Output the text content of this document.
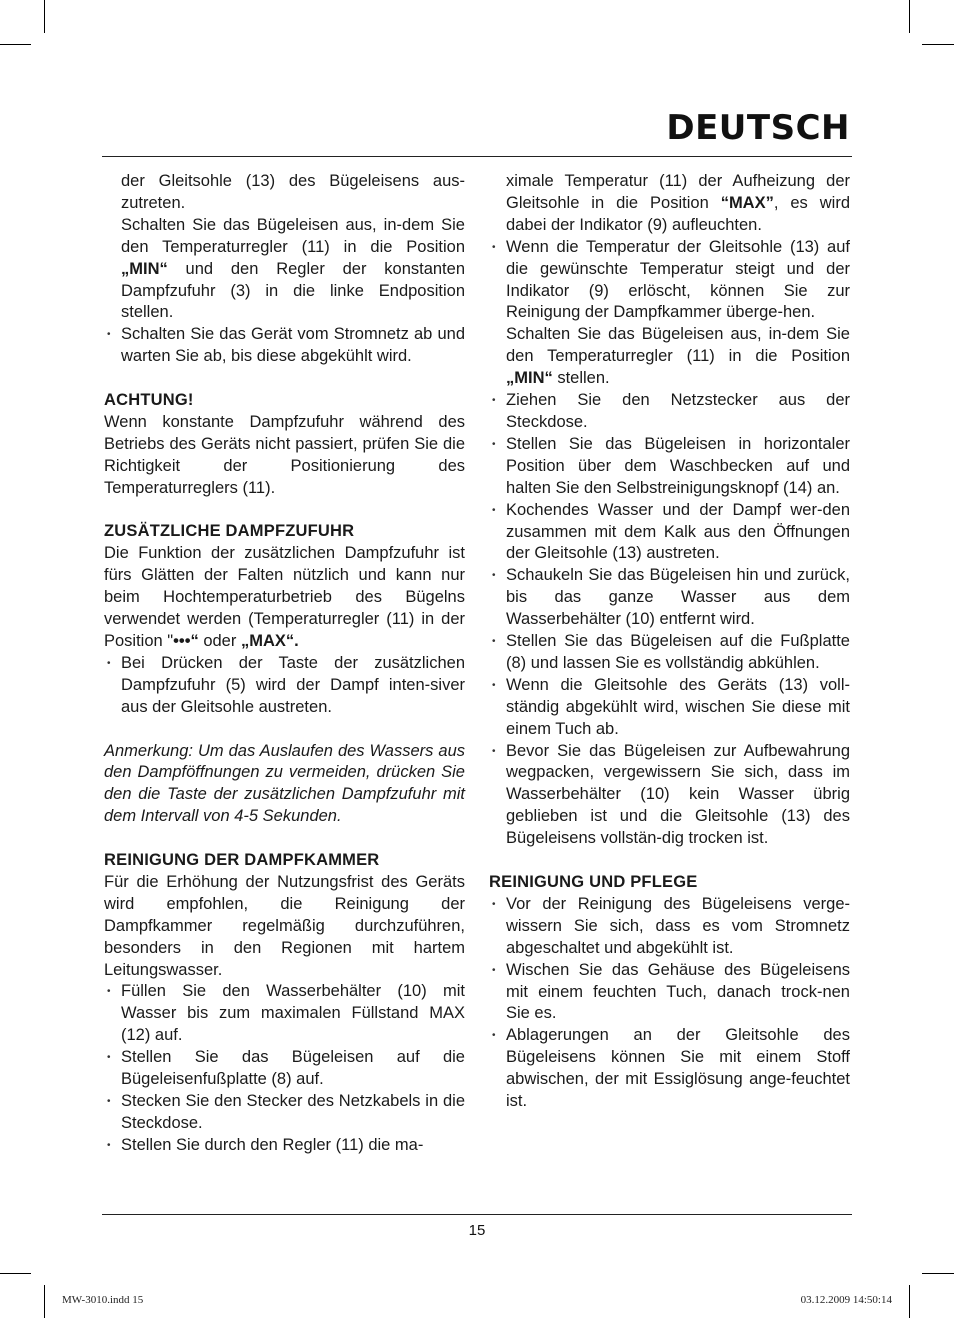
DEUTSCH

der Gleitsohle (13) des Bügeleisens aus-zutreten.

Schalten Sie das Bügeleisen aus, in-dem Sie den Temperaturregler (11) in die Position „MIN“ und den Regler der konstanten Dampfzufuhr (3) in die linke Endposition stellen.

• Schalten Sie das Gerät vom Stromnetz ab und warten Sie ab, bis diese abgekühlt wird.
ACHTUNG!

Wenn konstante Dampfzufuhr während des Betriebs des Geräts nicht passiert, prüfen Sie die Richtigkeit der Positionierung des Temperaturreglers (11).

ZUSÄTZLICHE DAMPFZUFUHR

Die Funktion der zusätzlichen Dampfzufuhr ist fürs Glätten der Falten nützlich und kann nur beim Hochtemperaturbetrieb des Bügelns verwendet werden (Temperaturregler (11) in der Position "•••“ oder „MAX“.

• Bei Drücken der Taste der zusätzlichen Dampfzufuhr (5) wird der Dampf inten-siver aus der Gleitsohle austreten.

Anmerkung: Um das Auslaufen des Wassers aus den Dampföffnungen zu vermeiden, drücken Sie den die Taste der zusätzlichen Dampfzufuhr mit dem Intervall von 4-5 Sekunden.

REINIGUNG DER DAMPFKAMMER

Für die Erhöhung der Nutzungsfrist des Geräts wird empfohlen, die Reinigung der Dampfkammer regelmäßig durchzuführen, besonders in den Regionen mit hartem Leitungswasser.

• Füllen Sie den Wasserbehälter (10) mit Wasser bis zum maximalen Füllstand MAX (12) auf.
• Stellen Sie das Bügeleisen auf die Bügeleisenfußplatte (8) auf.
• Stecken Sie den Stecker des Netzkabels in die Steckdose.
• Stellen Sie durch den Regler (11) die ma-

ximale Temperatur (11) der Aufheizung der Gleitsohle in die Position “MAX”, es wird dabei der Indikator (9) aufleuchten.

• Wenn die Temperatur der Gleitsohle (13) auf die gewünschte Temperatur steigt und der Indikator (9) erlöscht, können Sie zur Reinigung der Dampfkammer überge-hen.

Schalten Sie das Bügeleisen aus, in-dem Sie den Temperaturregler (11) in die Position „MIN“ stellen.

• Ziehen Sie den Netzstecker aus der Steckdose.
• Stellen Sie das Bügeleisen in horizontaler Position über dem Waschbecken auf und halten Sie den Selbstreinigungsknopf (14) an.
• Kochendes Wasser und der Dampf wer-den zusammen mit dem Kalk aus den Öffnungen der Gleitsohle (13) austreten.
• Schaukeln Sie das Bügeleisen hin und zurück, bis das ganze Wasser aus dem Wasserbehälter (10) entfernt wird.
• Stellen Sie das Bügeleisen auf die Fußplatte (8) und lassen Sie es vollständig abkühlen.
• Wenn die Gleitsohle des Geräts (13) voll-ständig abgekühlt wird, wischen Sie diese mit einem Tuch ab.
• Bevor Sie das Bügeleisen zur Aufbewahrung wegpacken, vergewissern Sie sich, dass im Wasserbehälter (10) kein Wasser übrig geblieben ist und die Gleitsohle (13) des Bügeleisens vollstän-dig trocken ist.
REINIGUNG UND PFLEGE
• Vor der Reinigung des Bügeleisens verge-wissern Sie sich, dass es vom Stromnetz abgeschaltet und abgekühlt ist.
• Wischen Sie das Gehäuse des Bügeleisens mit einem feuchten Tuch, danach trock-nen Sie es.
• Ablagerungen an der Gleitsohle des Bügeleisens können Sie mit einem Stoff abwischen, der mit Essiglösung ange-feuchtet ist.
15
MW-3010.indd 15	03.12.2009 14:50:14
